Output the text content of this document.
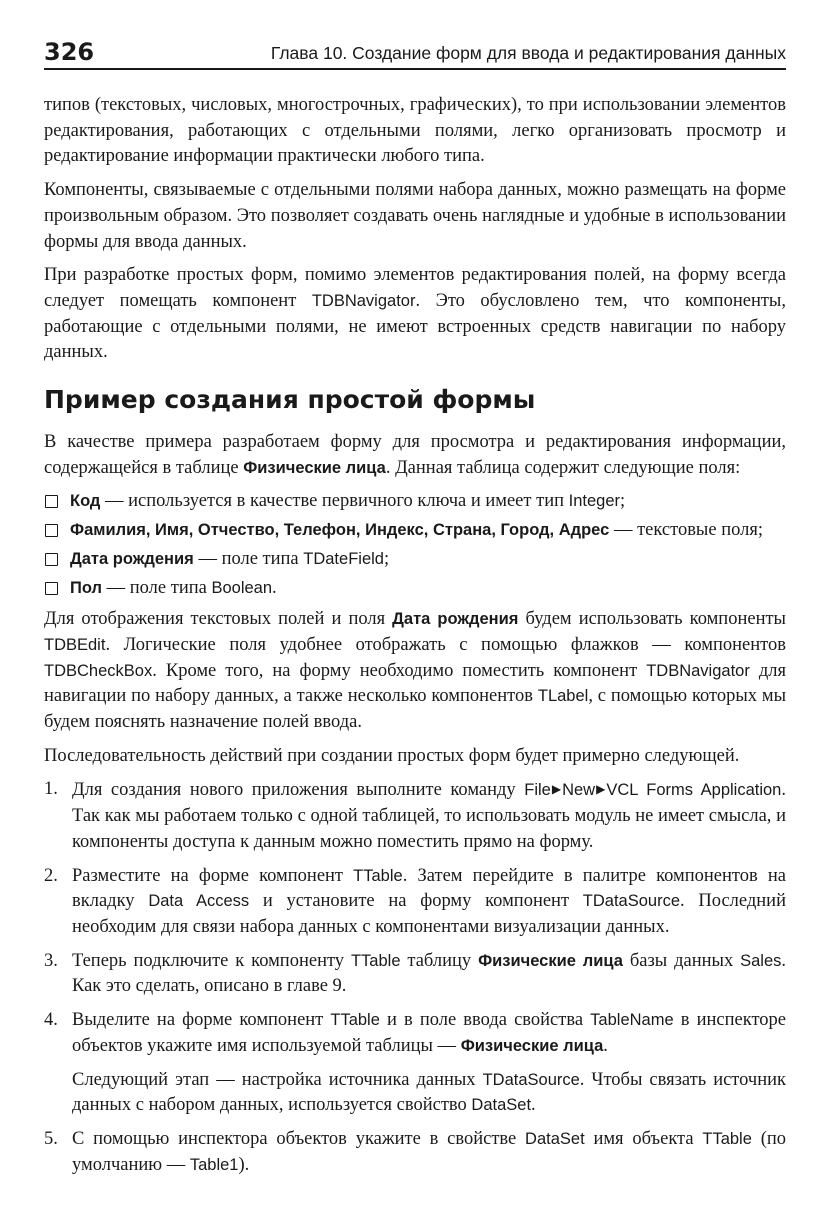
326	Глава 10. Создание форм для ввода и редактирования данных

типов (текстовых, числовых, многострочных, графических), то при использовании элементов редактирования, работающих с отдельными полями, легко организовать просмотр и редактирование информации практически любого типа.

Компоненты, связываемые с отдельными полями набора данных, можно размещать на форме произвольным образом. Это позволяет создавать очень наглядные и удобные в использовании формы для ввода данных.

При разработке простых форм, помимо элементов редактирования полей, на форму всегда следует помещать компонент TDBNavigator. Это обусловлено тем, что компоненты, работающие с отдельными полями, не имеют встроенных средств навигации по набору данных.

Пример создания простой формы

В качестве примера разработаем форму для просмотра и редактирования информации, содержащейся в таблице Физические лица. Данная таблица содержит следующие поля:

Код — используется в качестве первичного ключа и имеет тип Integer;
Фамилия, Имя, Отчество, Телефон, Индекс, Страна, Город, Адрес — текстовые поля;
Дата рождения — поле типа TDateField;
Пол — поле типа Boolean.

Для отображения текстовых полей и поля Дата рождения будем использовать компоненты TDBEdit. Логические поля удобнее отображать с помощью флажков — компонентов TDBCheckBox. Кроме того, на форму необходимо поместить компонент TDBNavigator для навигации по набору данных, а также несколько компонентов TLabel, с помощью которых мы будем пояснять назначение полей ввода.

Последовательность действий при создании простых форм будет примерно следующей.

1. Для создания нового приложения выполните команду File▶New▶VCL Forms Application. Так как мы работаем только с одной таблицей, то использовать модуль не имеет смысла, и компоненты доступа к данным можно поместить прямо на форму.
2. Разместите на форме компонент TTable. Затем перейдите в палитре компонентов на вкладку Data Access и установите на форму компонент TDataSource. Последний необходим для связи набора данных с компонентами визуализации данных.
3. Теперь подключите к компоненту TTable таблицу Физические лица базы данных Sales. Как это сделать, описано в главе 9.
4. Выделите на форме компонент TTable и в поле ввода свойства TableName в инспекторе объектов укажите имя используемой таблицы — Физические лица.

Следующий этап — настройка источника данных TDataSource. Чтобы связать источник данных с набором данных, используется свойство DataSet.

5. С помощью инспектора объектов укажите в свойстве DataSet имя объекта TTable (по умолчанию — Table1).
